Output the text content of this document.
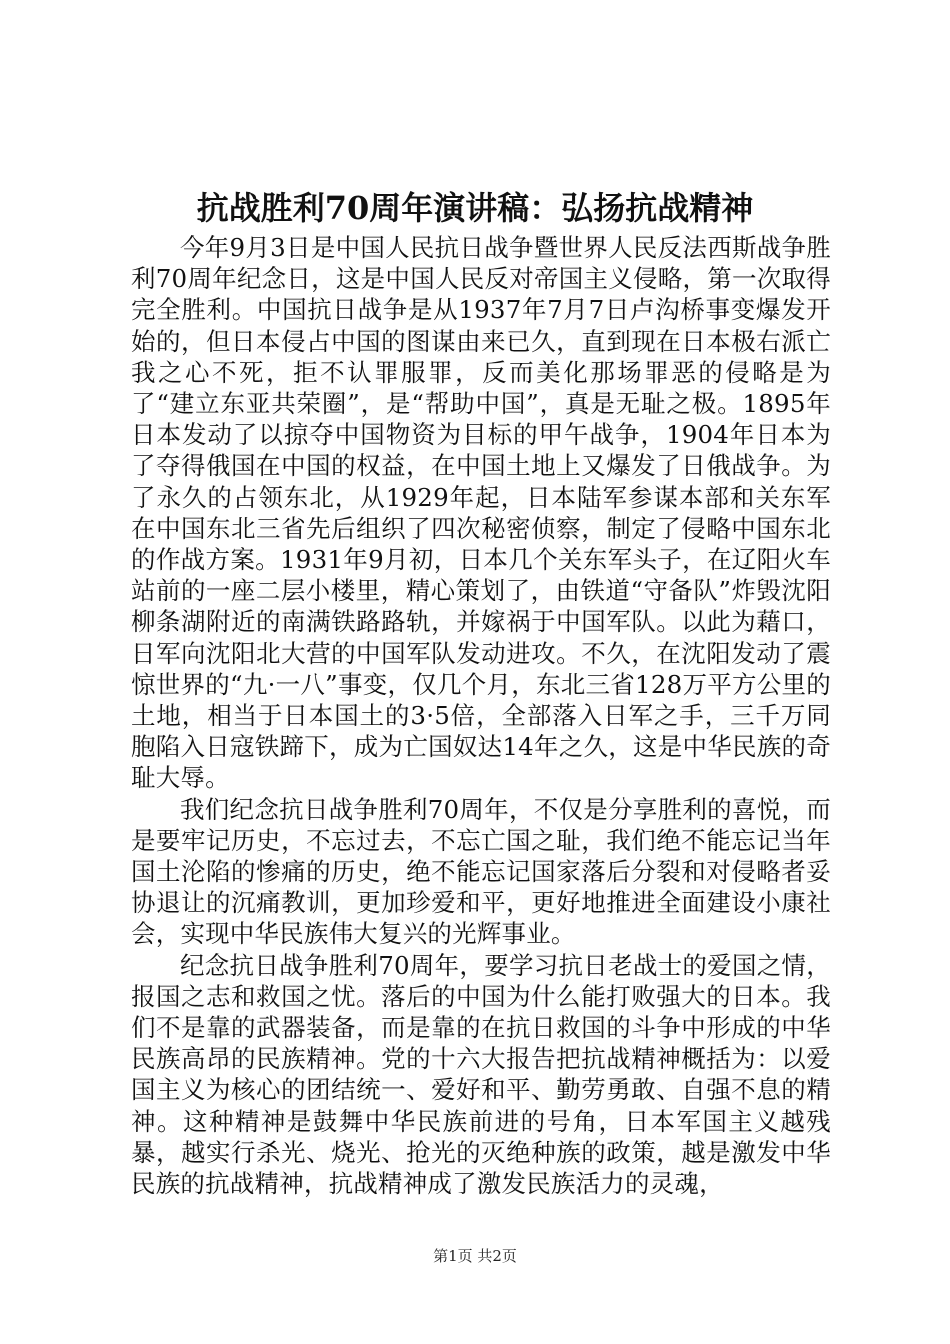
抗战胜利70周年演讲稿：弘扬抗战精神

今年9月3日是中国人民抗日战争暨世界人民反法西斯战争胜利70周年纪念日，这是中国人民反对帝国主义侵略，第一次取得完全胜利。中国抗日战争是从1937年7月7日卢沟桥事变爆发开始的，但日本侵占中国的图谋由来已久，直到现在日本极右派亡我之心不死，拒不认罪服罪，反而美化那场罪恶的侵略是为了“建立东亚共荣圈”，是“帮助中国”，真是无耻之极。1895年日本发动了以掠夺中国物资为目标的甲午战争，1904年日本为了夺得俄国在中国的权益，在中国土地上又爆发了日俄战争。为了永久的占领东北，从1929年起，日本陆军参谋本部和关东军在中国东北三省先后组织了四次秘密侦察，制定了侵略中国东北的作战方案。1931年9月初，日本几个关东军头子，在辽阳火车站前的一座二层小楼里，精心策划了，由铁道“守备队”炸毁沈阳柳条湖附近的南满铁路路轨，并嫁祸于中国军队。以此为藉口，日军向沈阳北大营的中国军队发动进攻。不久，在沈阳发动了震惊世界的“九·一八”事变，仅几个月，东北三省128万平方公里的土地，相当于日本国土的3·5倍，全部落入日军之手，三千万同胞陷入日寇铁蹄下，成为亡国奴达14年之久，这是中华民族的奇耻大辱。

我们纪念抗日战争胜利70周年，不仅是分享胜利的喜悦，而是要牢记历史，不忘过去，不忘亡国之耻，我们绝不能忘记当年国土沦陷的惨痛的历史，绝不能忘记国家落后分裂和对侵略者妥协退让的沉痛教训，更加珍爱和平，更好地推进全面建设小康社会，实现中华民族伟大复兴的光辉事业。

纪念抗日战争胜利70周年，要学习抗日老战士的爱国之情，报国之志和救国之忧。落后的中国为什么能打败强大的日本。我们不是靠的武器装备，而是靠的在抗日救国的斗争中形成的中华民族高昂的民族精神。党的十六大报告把抗战精神概括为：以爱国主义为核心的团结统一、爱好和平、勤劳勇敢、自强不息的精神。这种精神是鼓舞中华民族前进的号角，日本军国主义越残暴，越实行杀光、烧光、抢光的灭绝种族的政策，越是激发中华民族的抗战精神，抗战精神成了激发民族活力的灵魂，

第1页 共2页
